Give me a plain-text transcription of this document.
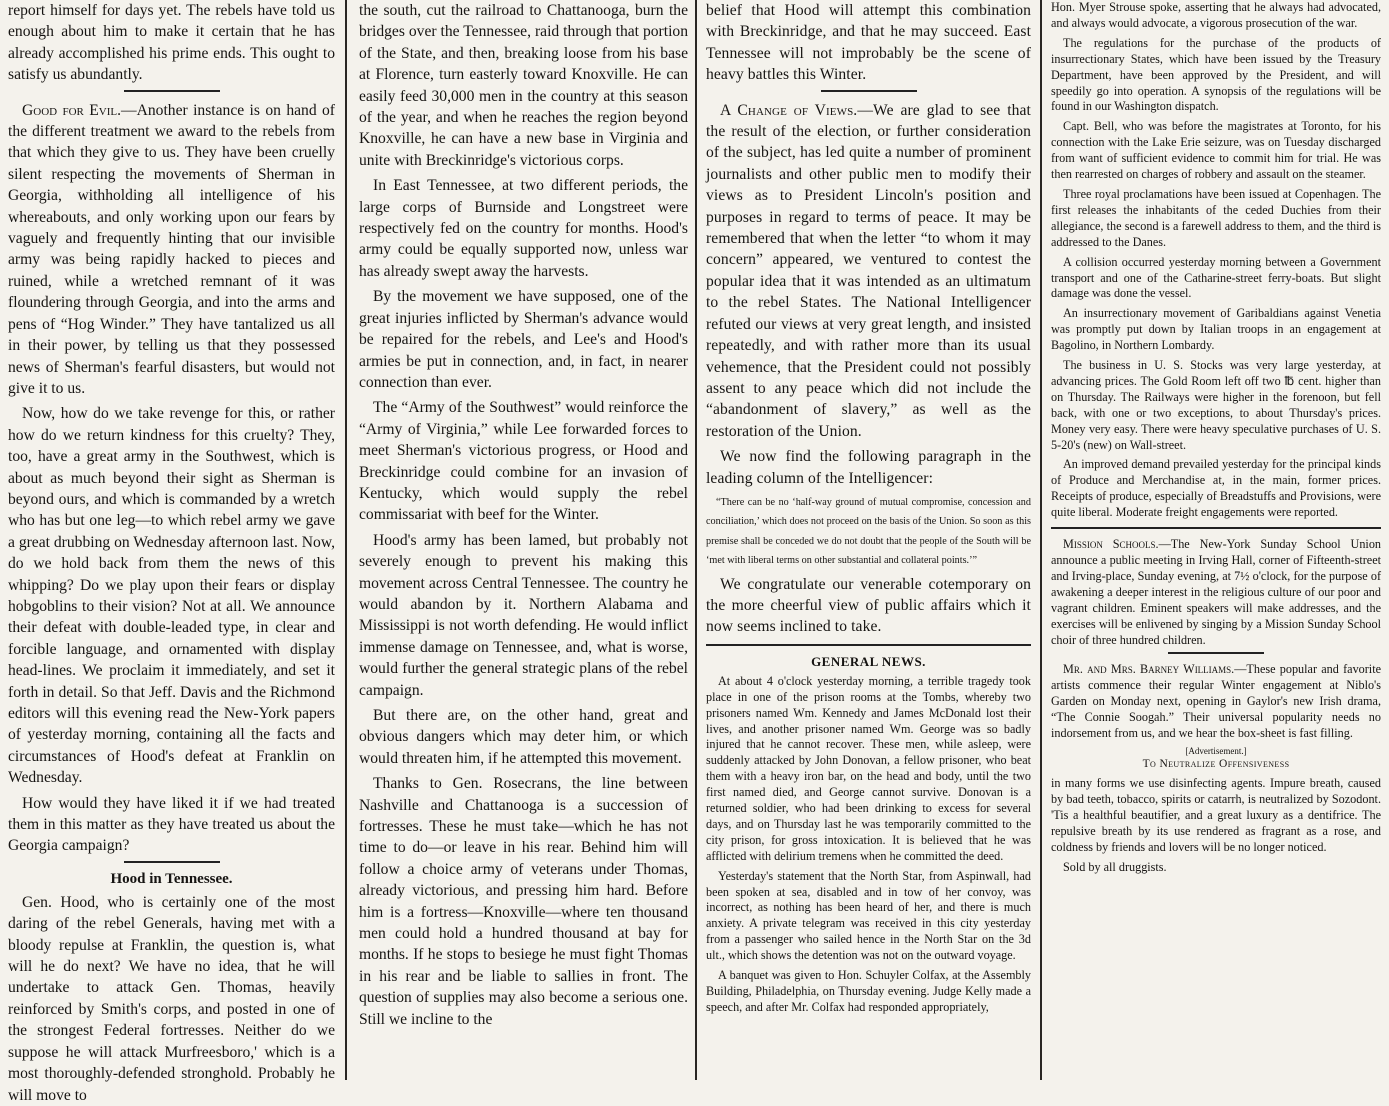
report himself for days yet. The rebels have told us enough about him to make it certain that he has already accomplished his prime ends. This ought to satisfy us abundantly.

Good for Evil.—Another instance is on hand of the different treatment we award to the rebels from that which they give to us. They have been cruelly silent respecting the movements of Sherman in Georgia, withholding all intelligence of his whereabouts, and only working upon our fears by vaguely and frequently hinting that our invisible army was being rapidly hacked to pieces and ruined, while a wretched remnant of it was floundering through Georgia, and into the arms and pens of “Hog Winder.” They have tantalized us all in their power, by telling us that they possessed news of Sherman's fearful disasters, but would not give it to us.

Now, how do we take revenge for this, or rather how do we return kindness for this cruelty? They, too, have a great army in the Southwest, which is about as much beyond their sight as Sherman is beyond ours, and which is commanded by a wretch who has but one leg—to which rebel army we gave a great drubbing on Wednesday afternoon last. Now, do we hold back from them the news of this whipping? Do we play upon their fears or display hobgoblins to their vision? Not at all. We announce their defeat with double-leaded type, in clear and forcible language, and ornamented with display head-lines. We proclaim it immediately, and set it forth in detail. So that Jeff. Davis and the Richmond editors will this evening read the New-York papers of yesterday morning, containing all the facts and circumstances of Hood's defeat at Franklin on Wednesday.

How would they have liked it if we had treated them in this matter as they have treated us about the Georgia campaign?

Hood in Tennessee.

Gen. Hood, who is certainly one of the most daring of the rebel Generals, having met with a bloody repulse at Franklin, the question is, what will he do next? We have no idea, that he will undertake to attack Gen. Thomas, heavily reinforced by Smith's corps, and posted in one of the strongest Federal fortresses. Neither do we suppose he will attack Murfreesboro,' which is a most thoroughly-defended stronghold. Probably he will move to

the south, cut the railroad to Chattanooga, burn the bridges over the Tennessee, raid through that portion of the State, and then, breaking loose from his base at Florence, turn easterly toward Knoxville. He can easily feed 30,000 men in the country at this season of the year, and when he reaches the region beyond Knoxville, he can have a new base in Virginia and unite with Breckinridge's victorious corps.

In East Tennessee, at two different periods, the large corps of Burnside and Longstreet were respectively fed on the country for months. Hood's army could be equally supported now, unless war has already swept away the harvests.

By the movement we have supposed, one of the great injuries inflicted by Sherman's advance would be repaired for the rebels, and Lee's and Hood's armies be put in connection, and, in fact, in nearer connection than ever.

The “Army of the Southwest” would reinforce the “Army of Virginia,” while Lee forwarded forces to meet Sherman's victorious progress, or Hood and Breckinridge could combine for an invasion of Kentucky, which would supply the rebel commissariat with beef for the Winter.

Hood's army has been lamed, but probably not severely enough to prevent his making this movement across Central Tennessee. The country he would abandon by it. Northern Alabama and Mississippi is not worth defending. He would inflict immense damage on Tennessee, and, what is worse, would further the general strategic plans of the rebel campaign.

But there are, on the other hand, great and obvious dangers which may deter him, or which would threaten him, if he attempted this movement.

Thanks to Gen. Rosecrans, the line between Nashville and Chattanooga is a succession of fortresses. These he must take—which he has not time to do—or leave in his rear. Behind him will follow a choice army of veterans under Thomas, already victorious, and pressing him hard. Before him is a fortress—Knoxville—where ten thousand men could hold a hundred thousand at bay for months. If he stops to besiege he must fight Thomas in his rear and be liable to sallies in front. The question of supplies may also become a serious one. Still we incline to the

belief that Hood will attempt this combination with Breckinridge, and that he may succeed. East Tennessee will not improbably be the scene of heavy battles this Winter.

A Change of Views.—We are glad to see that the result of the election, or further consideration of the subject, has led quite a number of prominent journalists and other public men to modify their views as to President Lincoln's position and purposes in regard to terms of peace. It may be remembered that when the letter “to whom it may concern” appeared, we ventured to contest the popular idea that it was intended as an ultimatum to the rebel States. The National Intelligencer refuted our views at very great length, and insisted repeatedly, and with rather more than its usual vehemence, that the President could not possibly assent to any peace which did not include the “abandonment of slavery,” as well as the restoration of the Union.

We now find the following paragraph in the leading column of the Intelligencer:

“There can be no ‘half-way ground of mutual compromise, concession and conciliation,’ which does not proceed on the basis of the Union. So soon as this premise shall be conceded we do not doubt that the people of the South will be ‘met with liberal terms on other substantial and collateral points.’”

We congratulate our venerable cotemporary on the more cheerful view of public affairs which it now seems inclined to take.

GENERAL NEWS.

At about 4 o'clock yesterday morning, a terrible tragedy took place in one of the prison rooms at the Tombs, whereby two prisoners named Wm. Kennedy and James McDonald lost their lives, and another prisoner named Wm. George was so badly injured that he cannot recover. These men, while asleep, were suddenly attacked by John Donovan, a fellow prisoner, who beat them with a heavy iron bar, on the head and body, until the two first named died, and George cannot survive. Donovan is a returned soldier, who had been drinking to excess for several days, and on Thursday last he was temporarily committed to the city prison, for gross intoxication. It is believed that he was afflicted with delirium tremens when he committed the deed.

Yesterday's statement that the North Star, from Aspinwall, had been spoken at sea, disabled and in tow of her convoy, was incorrect, as nothing has been heard of her, and there is much anxiety. A private telegram was received in this city yesterday from a passenger who sailed hence in the North Star on the 3d ult., which shows the detention was not on the outward voyage.

A banquet was given to Hon. Schuyler Colfax, at the Assembly Building, Philadelphia, on Thursday evening. Judge Kelly made a speech, and after Mr. Colfax had responded appropriately,

Hon. Myer Strouse spoke, asserting that he always had advocated, and always would advocate, a vigorous prosecution of the war.

The regulations for the purchase of the products of insurrectionary States, which have been issued by the Treasury Department, have been approved by the President, and will speedily go into operation. A synopsis of the regulations will be found in our Washington dispatch.

Capt. Bell, who was before the magistrates at Toronto, for his connection with the Lake Erie seizure, was on Tuesday discharged from want of sufficient evidence to commit him for trial. He was then rearrested on charges of robbery and assault on the steamer.

Three royal proclamations have been issued at Copenhagen. The first releases the inhabitants of the ceded Duchies from their allegiance, the second is a farewell address to them, and the third is addressed to the Danes.

A collision occurred yesterday morning between a Government transport and one of the Catharine-street ferry-boats. But slight damage was done the vessel.

An insurrectionary movement of Garibaldians against Venetia was promptly put down by Italian troops in an engagement at Bagolino, in Northern Lombardy.

The business in U. S. Stocks was very large yesterday, at advancing prices. The Gold Room left off two ℔ cent. higher than on Thursday. The Railways were higher in the forenoon, but fell back, with one or two exceptions, to about Thursday's prices. Money very easy. There were heavy speculative purchases of U. S. 5-20's (new) on Wall-street.

An improved demand prevailed yesterday for the principal kinds of Produce and Merchandise at, in the main, former prices. Receipts of produce, especially of Breadstuffs and Provisions, were quite liberal. Moderate freight engagements were reported.

Mission Schools.—The New-York Sunday School Union announce a public meeting in Irving Hall, corner of Fifteenth-street and Irving-place, Sunday evening, at 7½ o'clock, for the purpose of awakening a deeper interest in the religious culture of our poor and vagrant children. Eminent speakers will make addresses, and the exercises will be enlivened by singing by a Mission Sunday School choir of three hundred children.

Mr. and Mrs. Barney Williams.—These popular and favorite artists commence their regular Winter engagement at Niblo's Garden on Monday next, opening in Gaylor's new Irish drama, “The Connie Soogah.” Their universal popularity needs no indorsement from us, and we hear the box-sheet is fast filling.

[Advertisement.]
To Neutralize Offensiveness

in many forms we use disinfecting agents. Impure breath, caused by bad teeth, tobacco, spirits or catarrh, is neutralized by Sozodont. 'Tis a healthful beautifier, and a great luxury as a dentifrice. The repulsive breath by its use rendered as fragrant as a rose, and coldness by friends and lovers will be no longer noticed.

Sold by all druggists.
